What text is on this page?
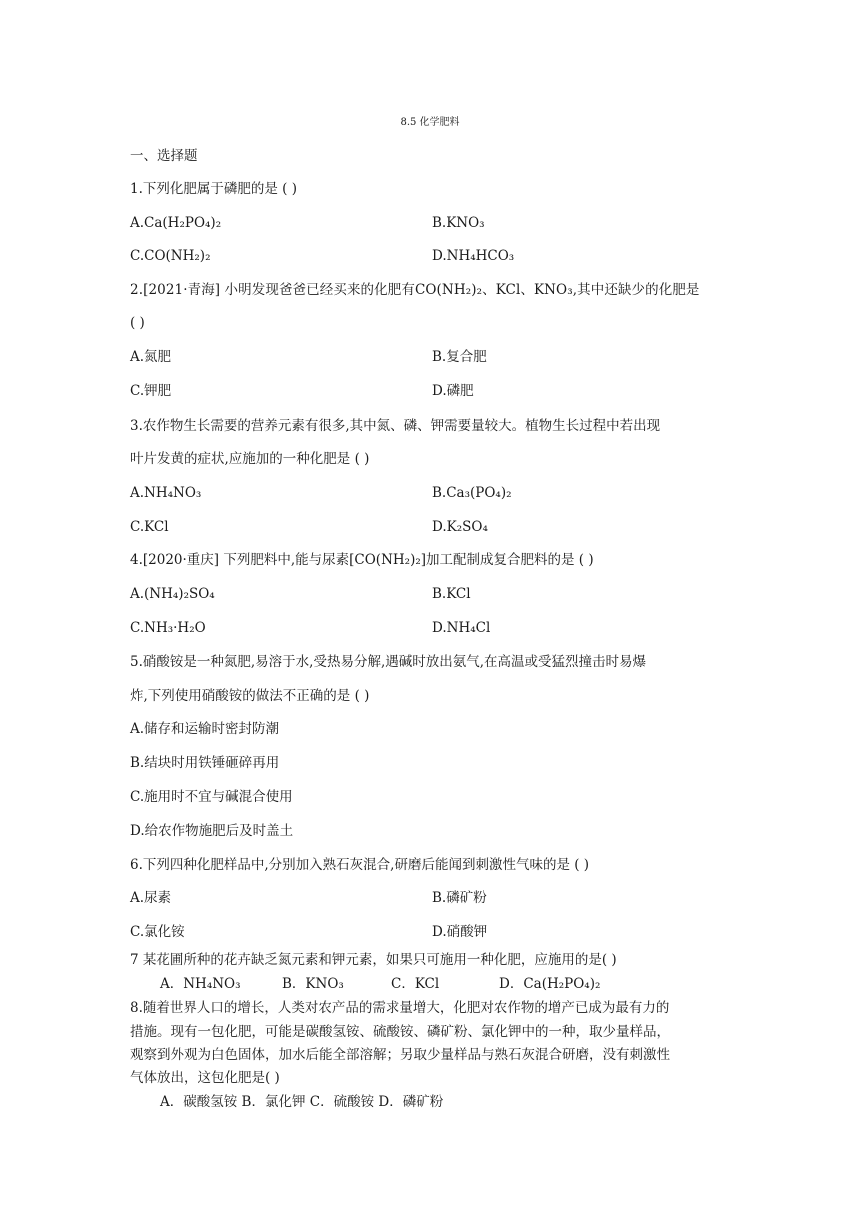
8.5 化学肥料
一、选择题
1.下列化肥属于磷肥的是 ( )
A.Ca(H₂PO₄)₂	B.KNO₃
C.CO(NH₂)₂	D.NH₄HCO₃
2.[2021·青海] 小明发现爸爸已经买来的化肥有CO(NH₂)₂、KCl、KNO₃,其中还缺少的化肥是
( )
A.氮肥	B.复合肥
C.钾肥	D.磷肥
3.农作物生长需要的营养元素有很多,其中氮、磷、钾需要量较大。植物生长过程中若出现
叶片发黄的症状,应施加的一种化肥是 ( )
A.NH₄NO₃	B.Ca₃(PO₄)₂
C.KCl	D.K₂SO₄
4.[2020·重庆] 下列肥料中,能与尿素[CO(NH₂)₂]加工配制成复合肥料的是 ( )
A.(NH₄)₂SO₄	B.KCl
C.NH₃·H₂O	D.NH₄Cl
5.硝酸铵是一种氮肥,易溶于水,受热易分解,遇碱时放出氨气,在高温或受猛烈撞击时易爆
炸,下列使用硝酸铵的做法不正确的是 ( )
A.储存和运输时密封防潮
B.结块时用铁锤砸碎再用
C.施用时不宜与碱混合使用
D.给农作物施肥后及时盖土
6.下列四种化肥样品中,分别加入熟石灰混合,研磨后能闻到刺激性气味的是 ( )
A.尿素	B.磷矿粉
C.氯化铵	D.硝酸钾
7 某花圃所种的花卉缺乏氮元素和钾元素，如果只可施用一种化肥，应施用的是( )
A．NH₄NO₃	B．KNO₃	C．KCl	D．Ca(H₂PO₄)₂
8.随着世界人口的增长，人类对农产品的需求量增大，化肥对农作物的增产已成为最有力的
措施。现有一包化肥，可能是碳酸氢铵、硫酸铵、磷矿粉、氯化钾中的一种，取少量样品，
观察到外观为白色固体，加水后能全部溶解；另取少量样品与熟石灰混合研磨，没有刺激性
气体放出，这包化肥是( )
A．碳酸氢铵 B．氯化钾 C．硫酸铵 D．磷矿粉
